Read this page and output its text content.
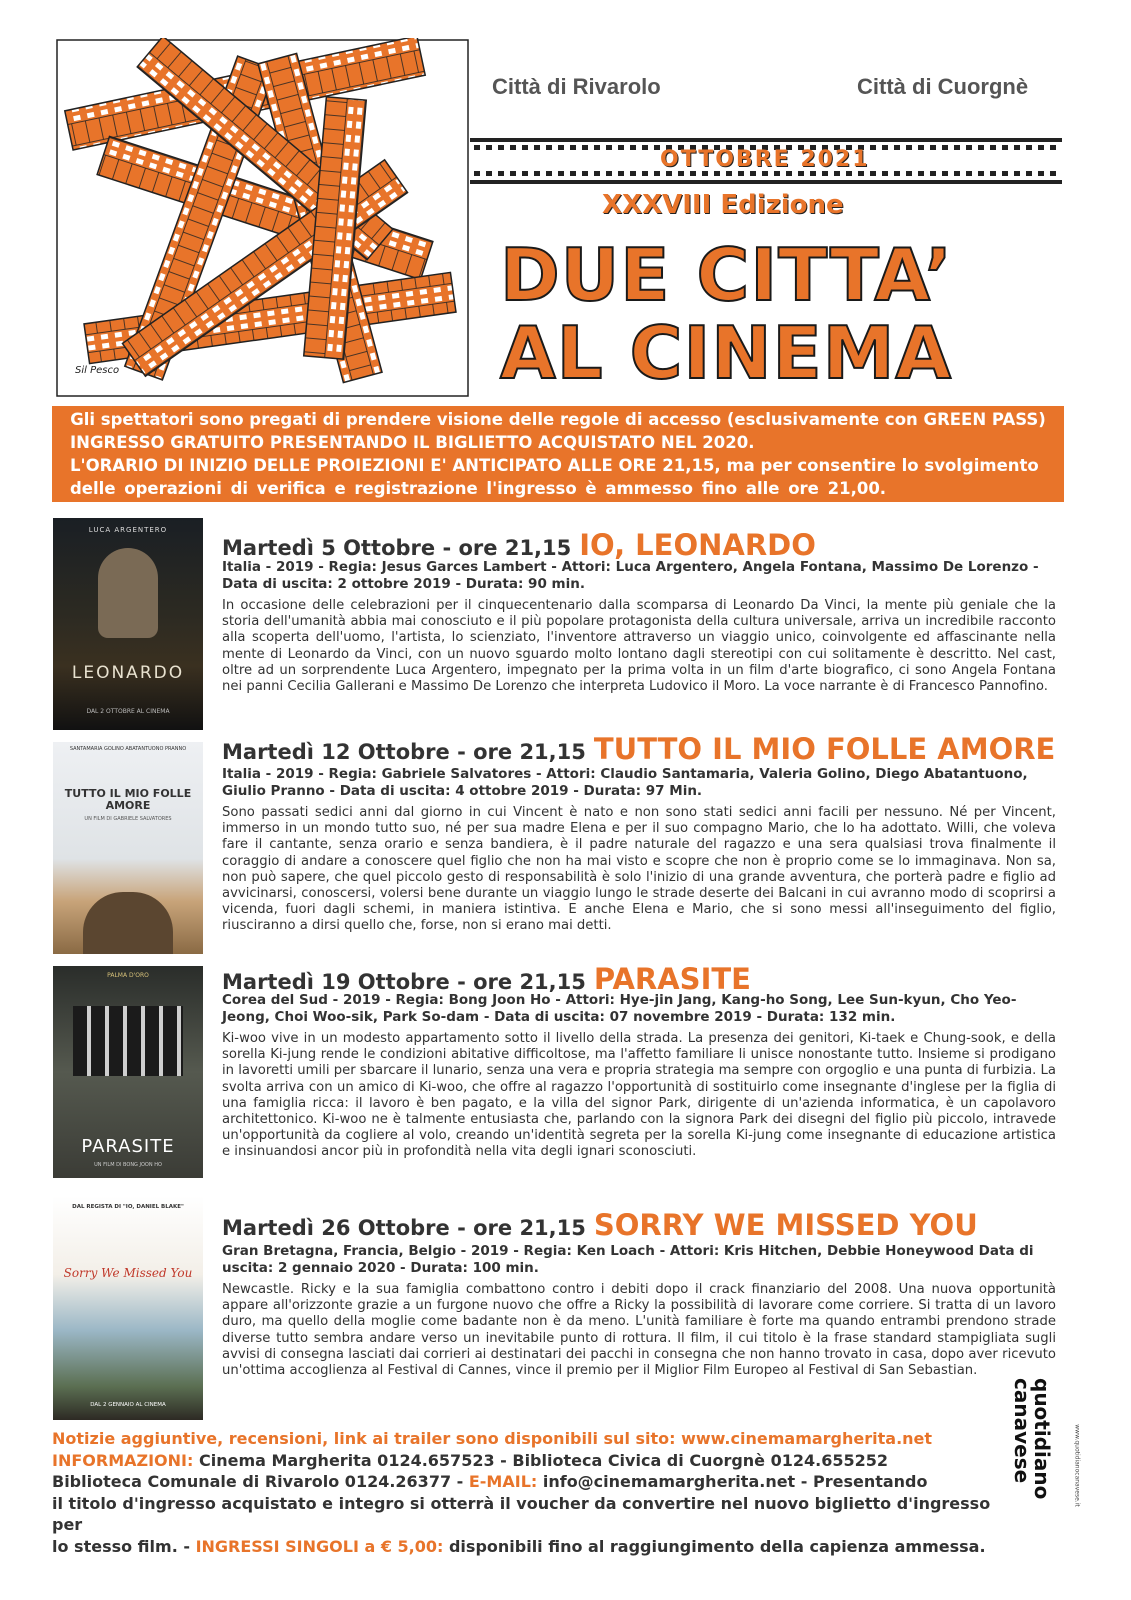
Sil Pesco
Città di Rivarolo	Città di Cuorgnè
OTTOBRE 2021
XXXVIII Edizione
DUE CITTA’
AL CINEMA
Gli spettatori sono pregati di prendere visione delle regole di accesso (esclusivamente con GREEN PASS)
INGRESSO GRATUITO PRESENTANDO IL BIGLIETTO ACQUISTATO NEL 2020.
L'ORARIO DI INIZIO DELLE PROIEZIONI E' ANTICIPATO ALLE ORE 21,15, ma per consentire lo svolgimento
delle operazioni di verifica e registrazione l'ingresso è ammesso fino alle ore 21,00.
LUCA ARGENTERO
LEONARDO
DAL 2 OTTOBRE AL CINEMA
Martedì 5 Ottobre - ore 21,15 IO, LEONARDO
Italia - 2019 - Regia: Jesus Garces Lambert - Attori: Luca Argentero, Angela Fontana, Massimo De Lorenzo - Data di uscita: 2 ottobre 2019 - Durata: 90 min.
In occasione delle celebrazioni per il cinquecentenario dalla scomparsa di Leonardo Da Vinci, la mente più geniale che la storia dell'umanità abbia mai conosciuto e il più popolare protagonista della cultura universale, arriva un incredibile racconto alla scoperta dell'uomo, l'artista, lo scienziato, l'inventore attraverso un viaggio unico, coinvolgente ed affascinante nella mente di Leonardo da Vinci, con un nuovo sguardo molto lontano dagli stereotipi con cui solitamente è descritto. Nel cast, oltre ad un sorprendente Luca Argentero, impegnato per la prima volta in un film d'arte biografico, ci sono Angela Fontana nei panni Cecilia Gallerani e Massimo De Lorenzo che interpreta Ludovico il Moro. La voce narrante è di Francesco Pannofino.
SANTAMARIA GOLINO ABATANTUONO PRANNO
TUTTO IL MIO FOLLE AMORE
UN FILM DI GABRIELE SALVATORES
Martedì 12 Ottobre - ore 21,15 TUTTO IL MIO FOLLE AMORE
Italia - 2019 - Regia: Gabriele Salvatores - Attori: Claudio Santamaria, Valeria Golino, Diego Abatantuono, Giulio Pranno - Data di uscita: 4 ottobre 2019 - Durata: 97 Min.
Sono passati sedici anni dal giorno in cui Vincent è nato e non sono stati sedici anni facili per nessuno. Né per Vincent, immerso in un mondo tutto suo, né per sua madre Elena e per il suo compagno Mario, che lo ha adottato. Willi, che voleva fare il cantante, senza orario e senza bandiera, è il padre naturale del ragazzo e una sera qualsiasi trova finalmente il coraggio di andare a conoscere quel figlio che non ha mai visto e scopre che non è proprio come se lo immaginava. Non sa, non può sapere, che quel piccolo gesto di responsabilità è solo l'inizio di una grande avventura, che porterà padre e figlio ad avvicinarsi, conoscersi, volersi bene durante un viaggio lungo le strade deserte dei Balcani in cui avranno modo di scoprirsi a vicenda, fuori dagli schemi, in maniera istintiva. E anche Elena e Mario, che si sono messi all'inseguimento del figlio, riusciranno a dirsi quello che, forse, non si erano mai detti.
PALMA D'ORO
PARASITE
UN FILM DI BONG JOON HO
Martedì 19 Ottobre - ore 21,15 PARASITE
Corea del Sud - 2019 - Regia: Bong Joon Ho - Attori: Hye-jin Jang, Kang-ho Song, Lee Sun-kyun, Cho Yeo-Jeong, Choi Woo-sik, Park So-dam - Data di uscita: 07 novembre 2019 - Durata: 132 min.
Ki-woo vive in un modesto appartamento sotto il livello della strada. La presenza dei genitori, Ki-taek e Chung-sook, e della sorella Ki-jung rende le condizioni abitative difficoltose, ma l'affetto familiare li unisce nonostante tutto. Insieme si prodigano in lavoretti umili per sbarcare il lunario, senza una vera e propria strategia ma sempre con orgoglio e una punta di furbizia. La svolta arriva con un amico di Ki-woo, che offre al ragazzo l'opportunità di sostituirlo come insegnante d'inglese per la figlia di una famiglia ricca: il lavoro è ben pagato, e la villa del signor Park, dirigente di un'azienda informatica, è un capolavoro architettonico. Ki-woo ne è talmente entusiasta che, parlando con la signora Park dei disegni del figlio più piccolo, intravede un'opportunità da cogliere al volo, creando un'identità segreta per la sorella Ki-jung come insegnante di educazione artistica e insinuandosi ancor più in profondità nella vita degli ignari sconosciuti.
DAL REGISTA DI "IO, DANIEL BLAKE"
Sorry We Missed You
DAL 2 GENNAIO AL CINEMA
Martedì 26 Ottobre - ore 21,15 SORRY WE MISSED YOU
Gran Bretagna, Francia, Belgio - 2019 - Regia: Ken Loach - Attori: Kris Hitchen, Debbie Honeywood Data di uscita: 2 gennaio 2020 - Durata: 100 min.
Newcastle. Ricky e la sua famiglia combattono contro i debiti dopo il crack finanziario del 2008. Una nuova opportunità appare all'orizzonte grazie a un furgone nuovo che offre a Ricky la possibilità di lavorare come corriere. Si tratta di un lavoro duro, ma quello della moglie come badante non è da meno. L'unità familiare è forte ma quando entrambi prendono strade diverse tutto sembra andare verso un inevitabile punto di rottura. Il film, il cui titolo è la frase standard stampigliata sugli avvisi di consegna lasciati dai corrieri ai destinatari dei pacchi in consegna che non hanno trovato in casa, dopo aver ricevuto un'ottima accoglienza al Festival di Cannes, vince il premio per il Miglior Film Europeo al Festival di San Sebastian.
Notizie aggiuntive, recensioni, link ai trailer sono disponibili sul sito: www.cinemamargherita.net
INFORMAZIONI: Cinema Margherita 0124.657523 - Biblioteca Civica di Cuorgnè 0124.655252
Biblioteca Comunale di Rivarolo 0124.26377 - E-MAIL: info@cinemamargherita.net - Presentando
il titolo d'ingresso acquistato e integro si otterrà il voucher da convertire nel nuovo biglietto d'ingresso per
lo stesso film. - INGRESSI SINGOLI a € 5,00: disponibili fino al raggiungimento della capienza ammessa.
quotidiano
canavese	www.quotidianocanavese.it
